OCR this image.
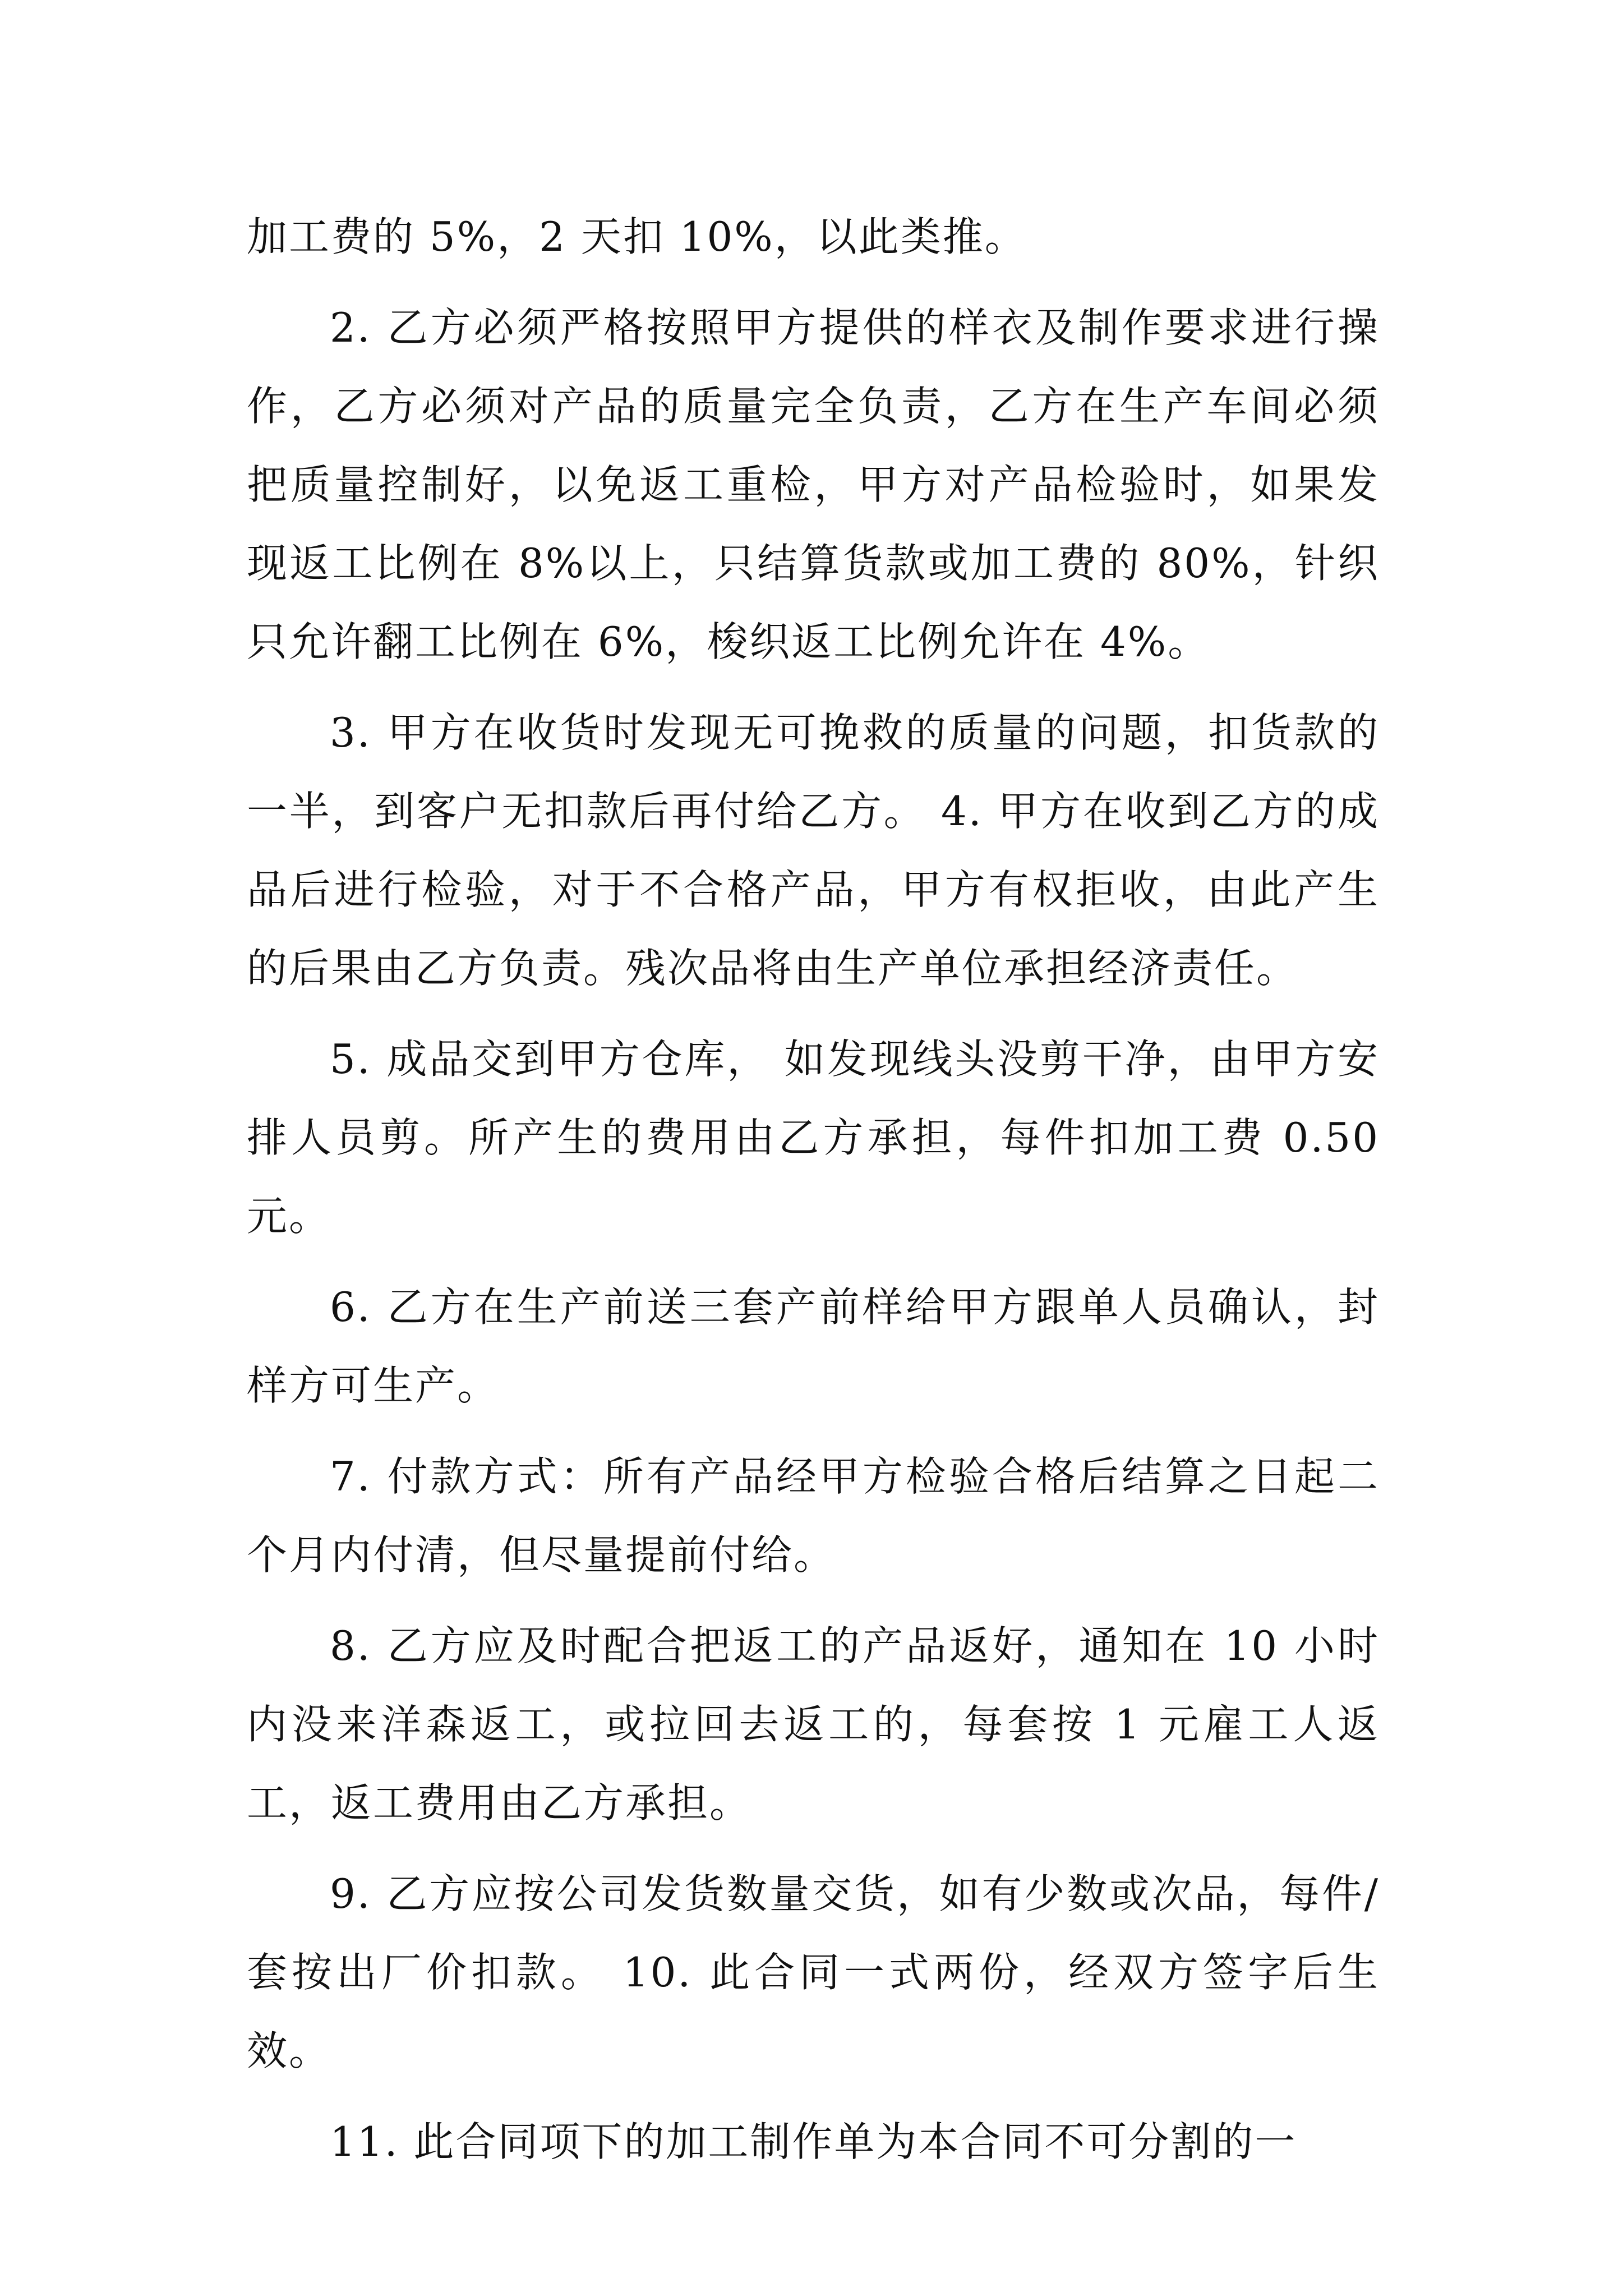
加工费的 5%，2 天扣 10%，以此类推。

2. 乙方必须严格按照甲方提供的样衣及制作要求进行操作，乙方必须对产品的质量完全负责，乙方在生产车间必须把质量控制好，以免返工重检，甲方对产品检验时，如果发现返工比例在 8%以上，只结算货款或加工费的 80%，针织只允许翻工比例在 6%，梭织返工比例允许在 4%。

3. 甲方在收货时发现无可挽救的质量的问题，扣货款的一半，到客户无扣款后再付给乙方。 4. 甲方在收到乙方的成品后进行检验，对于不合格产品，甲方有权拒收，由此产生的后果由乙方负责。残次品将由生产单位承担经济责任。

5. 成品交到甲方仓库， 如发现线头没剪干净，由甲方安排人员剪。所产生的费用由乙方承担，每件扣加工费 0.50 元。

6. 乙方在生产前送三套产前样给甲方跟单人员确认，封样方可生产。

7. 付款方式：所有产品经甲方检验合格后结算之日起二个月内付清，但尽量提前付给。

8. 乙方应及时配合把返工的产品返好，通知在 10 小时内没来洋森返工，或拉回去返工的，每套按 1 元雇工人返工，返工费用由乙方承担。

9. 乙方应按公司发货数量交货，如有少数或次品，每件/套按出厂价扣款。 10. 此合同一式两份，经双方签字后生效。

11. 此合同项下的加工制作单为本合同不可分割的一
